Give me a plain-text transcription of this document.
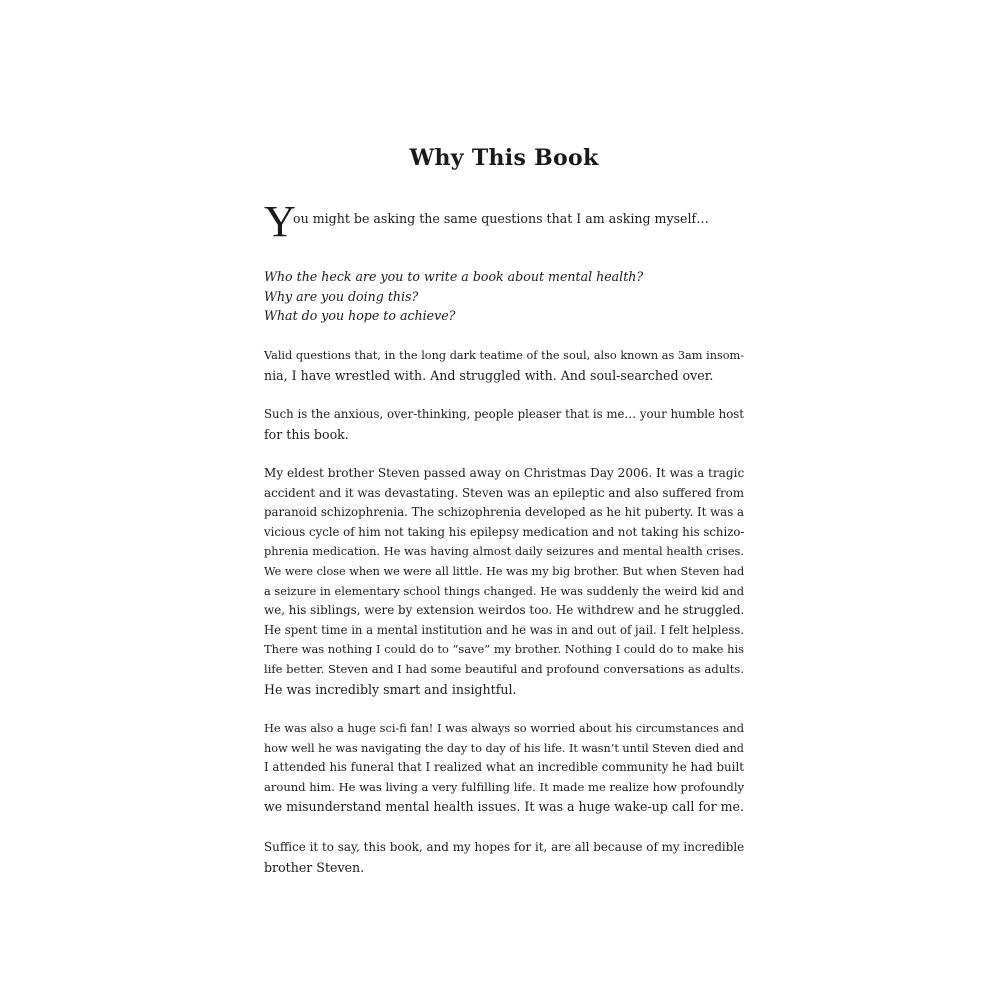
Why This Book
Y
ou might be asking the same questions that I am asking myself…
Who the heck are you to write a book about mental health?
Why are you doing this?
What do you hope to achieve?
Valid questions that, in the long dark teatime of the soul, also known as 3am insom-
nia, I have wrestled with. And struggled with. And soul-searched over.
Such is the anxious, over-thinking, people pleaser that is me… your humble host
for this book.
My eldest brother Steven passed away on Christmas Day 2006. It was a tragic
accident and it was devastating. Steven was an epileptic and also suffered from
paranoid schizophrenia. The schizophrenia developed as he hit puberty. It was a
vicious cycle of him not taking his epilepsy medication and not taking his schizo-
phrenia medication. He was having almost daily seizures and mental health crises.
We were close when we were all little. He was my big brother. But when Steven had
a seizure in elementary school things changed. He was suddenly the weird kid and
we, his siblings, were by extension weirdos too. He withdrew and he struggled.
He spent time in a mental institution and he was in and out of jail. I felt helpless.
There was nothing I could do to “save” my brother. Nothing I could do to make his
life better. Steven and I had some beautiful and profound conversations as adults.
He was incredibly smart and insightful.
He was also a huge sci-fi fan! I was always so worried about his circumstances and
how well he was navigating the day to day of his life. It wasn’t until Steven died and
I attended his funeral that I realized what an incredible community he had built
around him. He was living a very fulfilling life. It made me realize how profoundly
we misunderstand mental health issues. It was a huge wake-up call for me.
Suffice it to say, this book, and my hopes for it, are all because of my incredible
brother Steven.
